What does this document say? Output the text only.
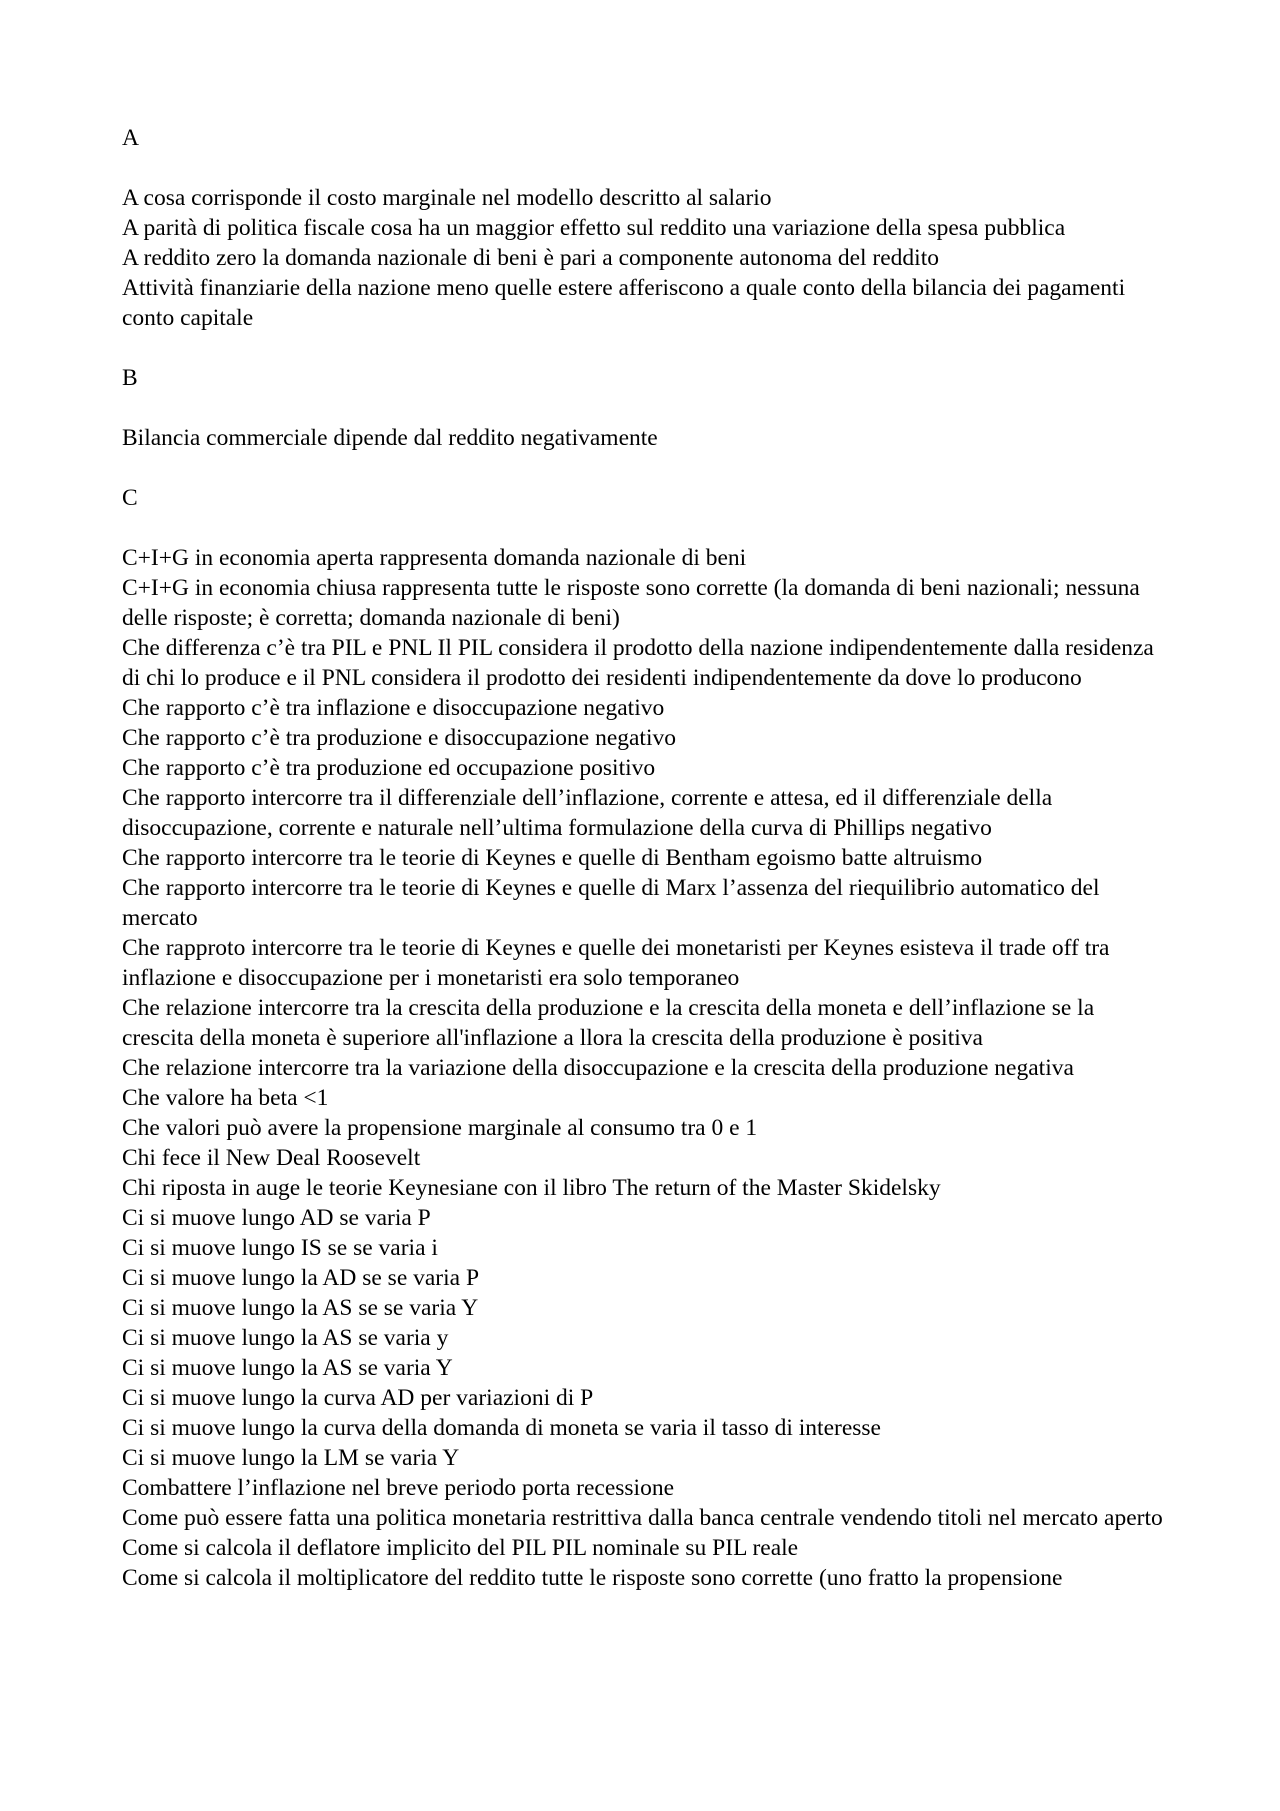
A

A cosa corrisponde il costo marginale nel modello descritto al salario

A parità di politica fiscale cosa ha un maggior effetto sul reddito una variazione della spesa pubblica

A reddito zero la domanda nazionale di beni è pari a componente autonoma del reddito

Attività finanziarie della nazione meno quelle estere afferiscono a quale conto della bilancia dei pagamenti conto capitale

B

Bilancia commerciale dipende dal reddito negativamente

C

C+I+G in economia aperta rappresenta domanda nazionale di beni

C+I+G in economia chiusa rappresenta tutte le risposte sono corrette (la domanda di beni nazionali; nessuna delle risposte; è corretta; domanda nazionale di beni)

Che differenza c’è tra PIL e PNL Il PIL considera il prodotto della nazione indipendentemente dalla residenza di chi lo produce e il PNL considera il prodotto dei residenti indipendentemente da dove lo producono

Che rapporto c’è tra inflazione e disoccupazione negativo

Che rapporto c’è tra produzione e disoccupazione negativo

Che rapporto c’è tra produzione ed occupazione positivo

Che rapporto intercorre tra il differenziale dell’inflazione, corrente e attesa, ed il differenziale della disoccupazione, corrente e naturale nell’ultima formulazione della curva di Phillips negativo

Che rapporto intercorre tra le teorie di Keynes e quelle di Bentham egoismo batte altruismo

Che rapporto intercorre tra le teorie di Keynes e quelle di Marx l’assenza del riequilibrio automatico del mercato

Che rapproto intercorre tra le teorie di Keynes e quelle dei monetaristi per Keynes esisteva il trade off tra inflazione e disoccupazione per i monetaristi era solo temporaneo

Che relazione intercorre tra la crescita della produzione e la crescita della moneta e dell’inflazione se la crescita della moneta è superiore all'inflazione a llora la crescita della produzione è positiva

Che relazione intercorre tra la variazione della disoccupazione e la crescita della produzione negativa

Che valore ha beta <1

Che valori può avere la propensione marginale al consumo tra 0 e 1

Chi fece il New Deal Roosevelt

Chi riposta in auge le teorie Keynesiane con il libro The return of the Master Skidelsky

Ci si muove lungo AD se varia P

Ci si muove lungo IS se se varia i

Ci si muove lungo la AD se se varia P

Ci si muove lungo la AS se se varia Y

Ci si muove lungo la AS se varia y

Ci si muove lungo la AS se varia Y

Ci si muove lungo la curva AD per variazioni di P

Ci si muove lungo la curva della domanda di moneta se varia il tasso di interesse

Ci si muove lungo la LM se varia Y

Combattere l’inflazione nel breve periodo porta recessione

Come può essere fatta una politica monetaria restrittiva dalla banca centrale vendendo titoli nel mercato aperto

Come si calcola il deflatore implicito del PIL PIL nominale su PIL reale

Come si calcola il moltiplicatore del reddito tutte le risposte sono corrette (uno fratto la propensione
